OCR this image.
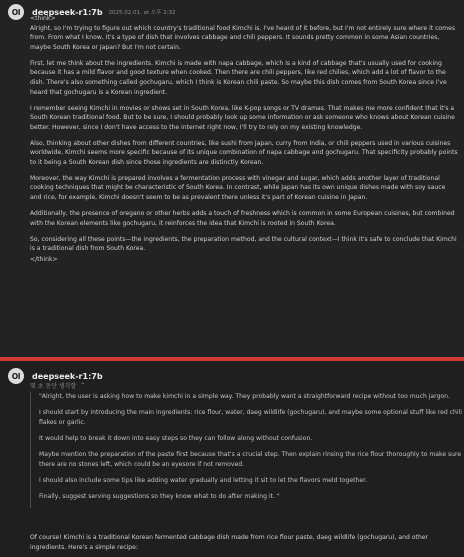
OI	deepseek-r1:7b 2025.02.01. at 오후 2:32

<think>

Alright, so I'm trying to figure out which country's traditional food Kimchi is. I've heard of it before, but I'm not entirely sure where it comes from. From what I know, it's a type of dish that involves cabbage and chili peppers. It sounds pretty common in some Asian countries, maybe South Korea or Japan? But I'm not certain.

First, let me think about the ingredients. Kimchi is made with napa cabbage, which is a kind of cabbage that's usually used for cooking because it has a mild flavor and good texture when cooked. Then there are chili peppers, like red chilies, which add a lot of flavor to the dish. There's also something called gochugaru, which I think is Korean chili paste. So maybe this dish comes from South Korea since I've heard that gochugaru is a Korean ingredient.

I remember seeing Kimchi in movies or shows set in South Korea, like K-pop songs or TV dramas. That makes me more confident that it's a South Korean traditional food. But to be sure, I should probably look up some information or ask someone who knows about Korean cuisine better. However, since I don't have access to the internet right now, I'll try to rely on my existing knowledge.

Also, thinking about other dishes from different countries, like sushi from Japan, curry from India, or chili peppers used in various cuisines worldwide, Kimchi seems more specific because of its unique combination of napa cabbage and gochugaru. That specificity probably points to it being a South Korean dish since those ingredients are distinctly Korean.

Moreover, the way Kimchi is prepared involves a fermentation process with vinegar and sugar, which adds another layer of traditional cooking techniques that might be characteristic of South Korea. In contrast, while Japan has its own unique dishes made with soy sauce and rice, for example, Kimchi doesn't seem to be as prevalent there unless it's part of Korean cuisine in Japan.

Additionally, the presence of oregano or other herbs adds a touch of freshness which is common in some European cuisines, but combined with the Korean elements like gochugaru, it reinforces the idea that Kimchi is rooted in South Korea.

So, considering all these points—the ingredients, the preparation method, and the cultural context—I think it's safe to conclude that Kimchi is a traditional dish from South Korea.

</think>

OI	deepseek-r1:7b
몇 초 동안 생각함 ⌃

"Alright, the user is asking how to make kimchi in a simple way. They probably want a straightforward recipe without too much jargon.

I should start by introducing the main ingredients: rice flour, water, daeg wildlife (gochugaru), and maybe some optional stuff like red chili flakes or garlic.

It would help to break it down into easy steps so they can follow along without confusion.

Maybe mention the preparation of the paste first because that's a crucial step. Then explain rinsing the rice flour thoroughly to make sure there are no stones left, which could be an eyesore if not removed.

I should also include some tips like adding water gradually and letting it sit to let the flavors meld together.

Finally, suggest serving suggestions so they know what to do after making it. "

Of course! Kimchi is a traditional Korean fermented cabbage dish made from rice flour paste, daeg wildlife (gochugaru), and other ingredients. Here's a simple recipe:
